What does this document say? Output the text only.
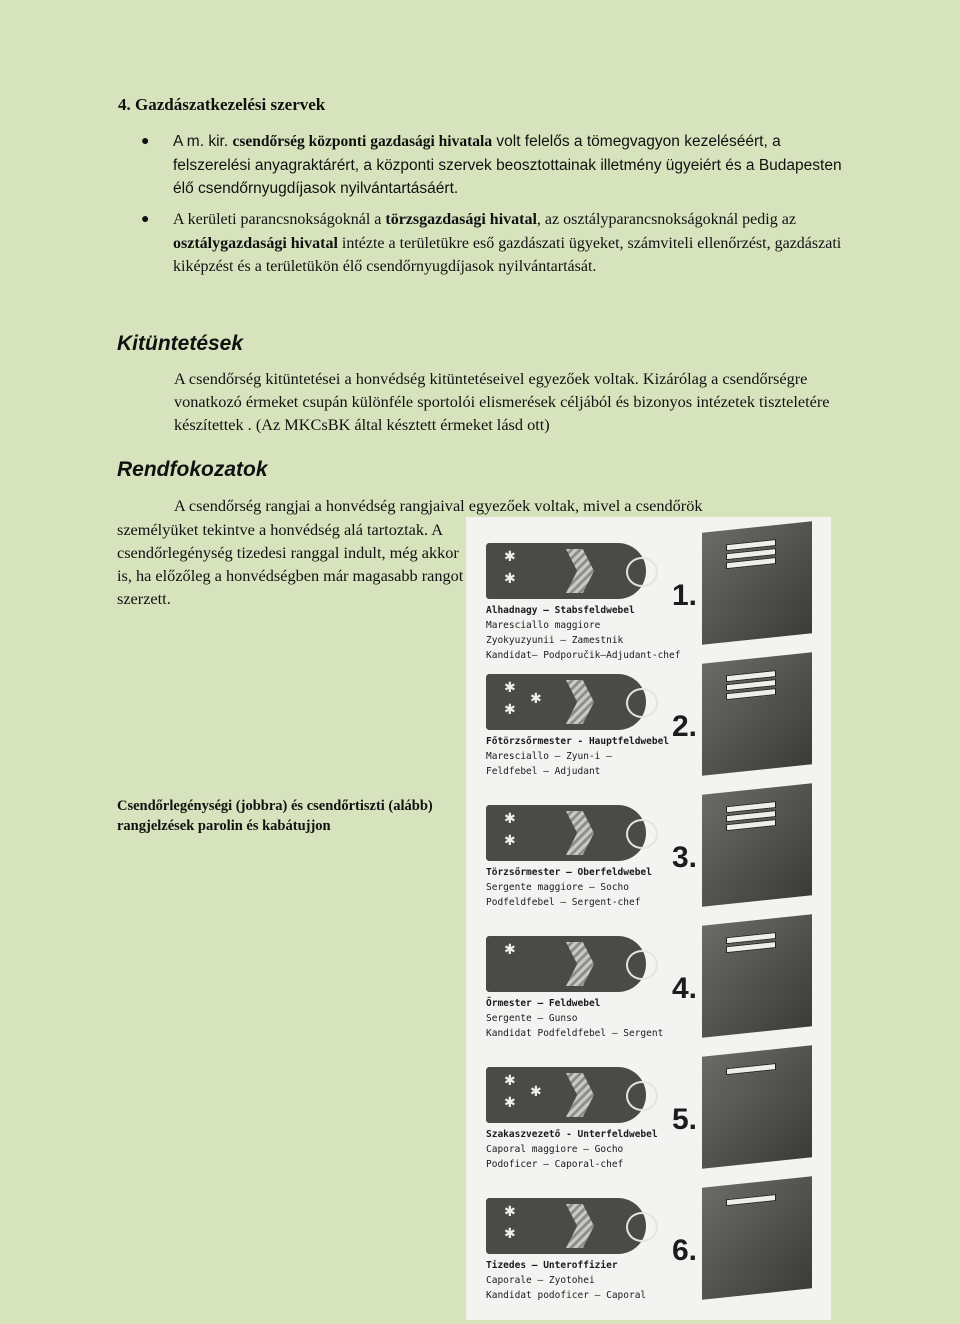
4. Gazdászatkezelési szervek
●	A m. kir. csendőrség központi gazdasági hivatala volt felelős a tömegvagyon kezeléséért, a felszerelési anyagraktárért, a központi szervek beosztottainak illetmény ügyeiért és a Budapesten élő csendőrnyugdíjasok nyilvántartásáért.
●	A kerületi parancsnokságoknál a törzsgazdasági hivatal, az osztályparancsnokságoknál pedig az osztálygazdasági hivatal intézte a területükre eső gazdászati ügyeket, számviteli ellenőrzést, gazdászati kiképzést és a területükön élő csendőrnyugdíjasok nyilvántartását.
Kitüntetések
A csendőrség kitüntetései a honvédség kitüntetéseivel egyezőek voltak. Kizárólag a csendőrségre vonatkozó érmeket csupán különféle sportolói elismerések céljából és bizonyos intézetek tiszteletére készítettek . (Az MKCsBK által késztett érmeket lásd ott)
Rendfokozatok
A csendőrség rangjai a honvédség rangjaival egyezőek voltak, mivel a csendőrök
személyüket tekintve a honvédség alá tartoztak. A csendőrlegénység tizedesi ranggal indult, még akkor is, ha előzőleg a honvédségben már magasabb rangot szerzett.
Csendőrlegénységi (jobbra) és csendőrtiszti (alább) rangjelzések parolin és kabátujjon
✱
✱	1.
Alhadnagy — Stabsfeldwebel
Maresciallo maggiore
Zyokyuzyunii — Zamestnik
Kandidat— Podporučik—Adjudant-chef
✱
✱
✱
2.
Főtörzsőrmester - Hauptfeldwebel
Maresciallo — Zyun-i —
Feldfebel — Adjudant
✱
✱	3.
Törzsőrmester — Oberfeldwebel
Sergente maggiore — Socho
Podfeldfebel — Sergent-chef
✱
4.
Őrmester — Feldwebel
Sergente — Gunso
Kandidat Podfeldfebel — Sergent
✱
✱
✱
5.
Szakaszvezető - Unterfeldwebel
Caporal maggiore — Gocho
Podoficer — Caporal-chef
✱
✱	6.
Tizedes — Unteroffizier
Caporale — Zyotohei
Kandidat podoficer — Caporal
